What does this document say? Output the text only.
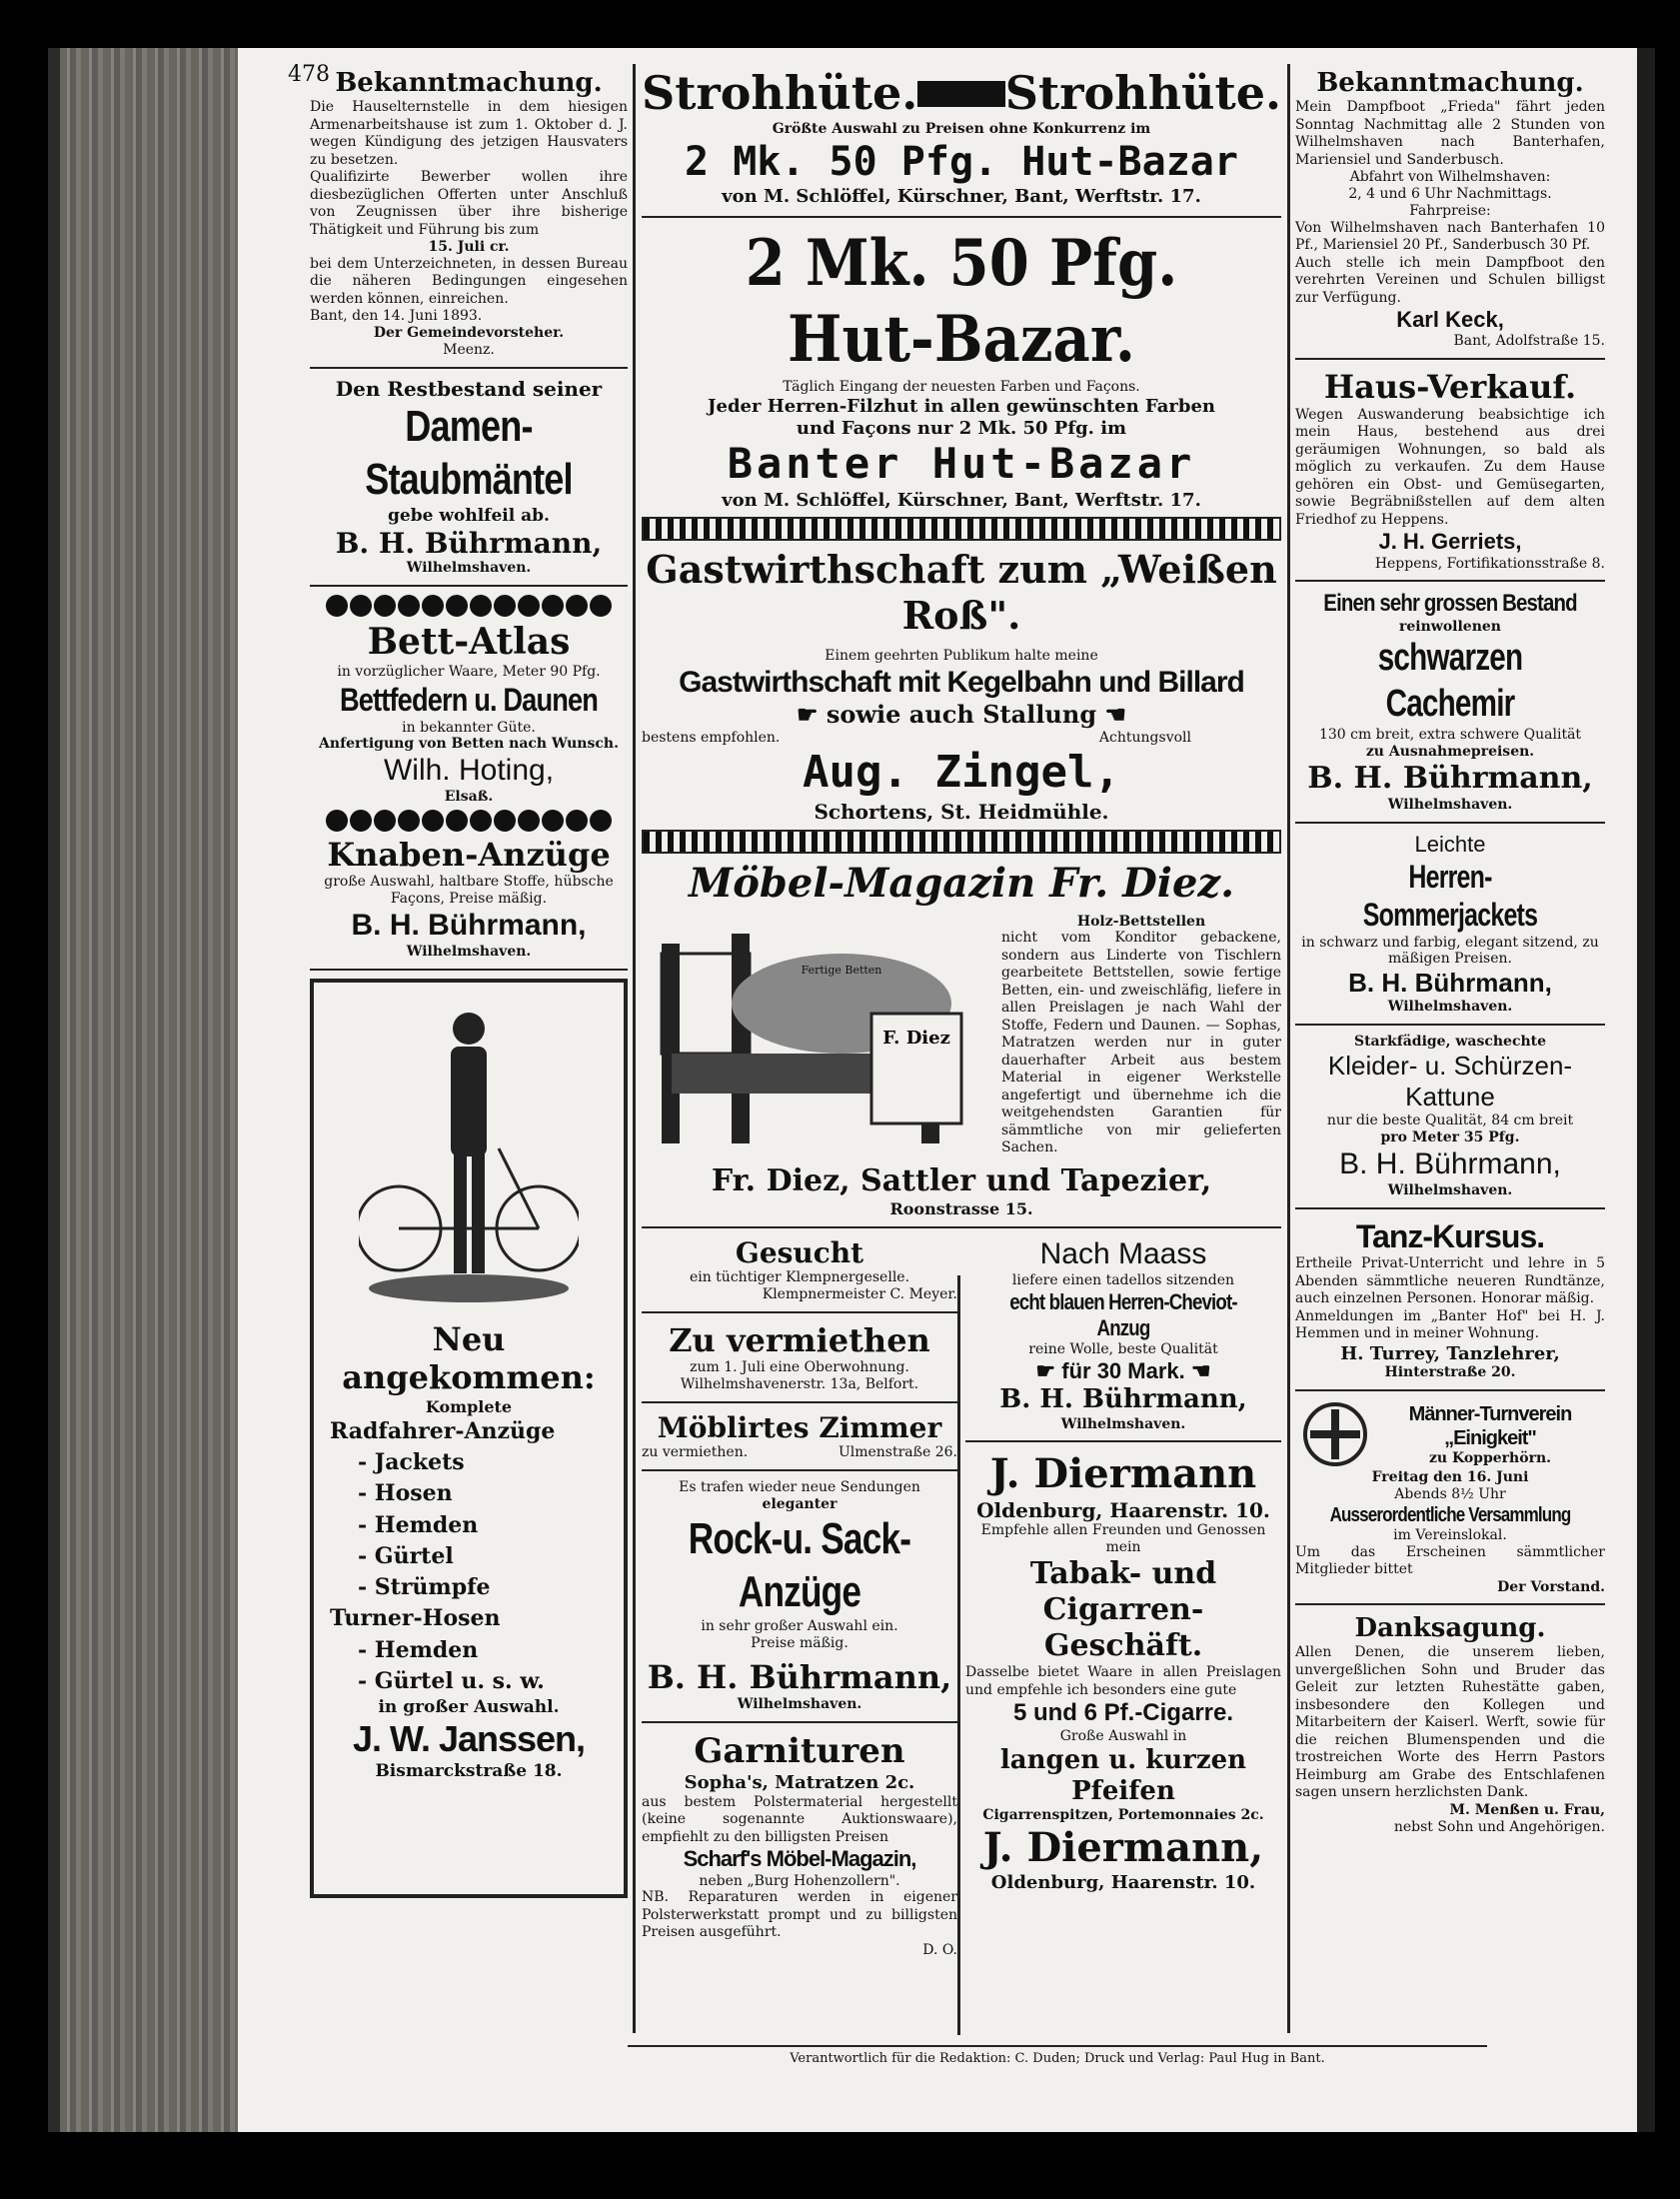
478 Bekanntmachung.
Die Hauselternstelle in dem hiesigen Armenarbeitshause ist zum 1. Oktober d. J. wegen Kündigung des jetzigen Hausvaters zu besetzen.
Qualifizirte Bewerber wollen ihre diesbezüglichen Offerten unter Anschluß von Zeugnissen über ihre bisherige Thätigkeit und Führung bis zum
15. Juli cr.
bei dem Unterzeichneten, in dessen Bureau die näheren Bedingungen eingesehen werden können, einreichen.
Bant, den 14. Juni 1893.
Der Gemeindevorsteher.
Meenz.
Den Restbestand seiner
Damen-Staubmäntel
gebe wohlfeil ab.
B. H. Bührmann,
Wilhelmshaven.
Bett-Atlas
in vorzüglicher Waare, Meter 90 Pfg.
Bettfedern u. Daunen
in bekannter Güte.
Anfertigung von Betten nach Wunsch.
Wilh. Hoting,
Elsaß.
Knaben-Anzüge
große Auswahl, haltbare Stoffe, hübsche Façons, Preise mäßig.
B. H. Bührmann,
Wilhelmshaven.
Neu angekommen:
Komplete
Radfahrer-Anzüge
- Jackets
- Hosen
- Hemden
- Gürtel
- Strümpfe
Turner-Hosen
- Hemden
- Gürtel u. s. w.
in großer Auswahl.
J. W. Janssen,
Bismarckstraße 18.
Strohhüte. Strohhüte.
Größte Auswahl zu Preisen ohne Konkurrenz im
2 Mk. 50 Pfg. Hut-Bazar
von M. Schlöffel, Kürschner, Bant, Werftstr. 17.
2 Mk. 50 Pfg. Hut-Bazar.
Täglich Eingang der neuesten Farben und Façons.
Jeder Herren-Filzhut in allen gewünschten Farben
und Façons nur 2 Mk. 50 Pfg. im
Banter Hut-Bazar
von M. Schlöffel, Kürschner, Bant, Werftstr. 17.
Gastwirthschaft zum „Weißen Roß".
Einem geehrten Publikum halte meine
Gastwirthschaft mit Kegelbahn und Billard
☛ sowie auch Stallung ☚
bestens empfohlen.	Achtungsvoll
Aug. Zingel,
Schortens, St. Heidmühle.
Möbel-Magazin Fr. Diez.
F. Diez
Fertige Betten
Holz-Bettstellen
nicht vom Konditor gebackene, sondern aus Linderte von Tischlern gearbeitete Bettstellen, sowie fertige Betten, ein- und zweischläfig, liefere in allen Preislagen je nach Wahl der Stoffe, Federn und Daunen. — Sophas, Matratzen werden nur in guter dauerhafter Arbeit aus bestem Material in eigener Werkstelle angefertigt und übernehme ich die weitgehendsten Garantien für sämmtliche von mir gelieferten Sachen.
Fr. Diez, Sattler und Tapezier,
Roonstrasse 15.
Gesucht
ein tüchtiger Klempnergeselle.
Klempnermeister C. Meyer.
Zu vermiethen
zum 1. Juli eine Oberwohnung.
Wilhelmshavenerstr. 13a, Belfort.
Möblirtes Zimmer
zu vermiethen.	Ulmenstraße 26.
Es trafen wieder neue Sendungen
eleganter
Rock-u. Sack-Anzüge
in sehr großer Auswahl ein.
Preise mäßig.
B. H. Bührmann,
Wilhelmshaven.
Garnituren
Sopha's, Matratzen 2c.
aus bestem Polstermaterial hergestellt (keine sogenannte Auktionswaare), empfiehlt zu den billigsten Preisen
Scharf's Möbel-Magazin,
neben „Burg Hohenzollern".
NB. Reparaturen werden in eigener Polsterwerkstatt prompt und zu billigsten Preisen ausgeführt.
D. O.
Nach Maass
liefere einen tadellos sitzenden
echt blauen Herren-Cheviot-Anzug
reine Wolle, beste Qualität
☛ für 30 Mark. ☚
B. H. Bührmann,
Wilhelmshaven.
J. Diermann
Oldenburg, Haarenstr. 10.
Empfehle allen Freunden und Genossen mein
Tabak- und Cigarren-Geschäft.
Dasselbe bietet Waare in allen Preislagen und empfehle ich besonders eine gute
5 und 6 Pf.-Cigarre.
Große Auswahl in
langen u. kurzen Pfeifen
Cigarrenspitzen, Portemonnaies 2c.
J. Diermann,
Oldenburg, Haarenstr. 10.
Bekanntmachung.
Mein Dampfboot „Frieda" fährt jeden Sonntag Nachmittag alle 2 Stunden von Wilhelmshaven nach Banterhafen, Mariensiel und Sanderbusch.
Abfahrt von Wilhelmshaven:
2, 4 und 6 Uhr Nachmittags.
Fahrpreise:
Von Wilhelmshaven nach Banterhafen 10 Pf., Mariensiel 20 Pf., Sanderbusch 30 Pf.
Auch stelle ich mein Dampfboot den verehrten Vereinen und Schulen billigst zur Verfügung.
Karl Keck,
Bant, Adolfstraße 15.
Haus-Verkauf.
Wegen Auswanderung beabsichtige ich mein Haus, bestehend aus drei geräumigen Wohnungen, so bald als möglich zu verkaufen. Zu dem Hause gehören ein Obst- und Gemüsegarten, sowie Begräbnißstellen auf dem alten Friedhof zu Heppens.
J. H. Gerriets,
Heppens, Fortifikationsstraße 8.
Einen sehr grossen Bestand
reinwollenen
schwarzen Cachemir
130 cm breit, extra schwere Qualität
zu Ausnahmepreisen.
B. H. Bührmann,
Wilhelmshaven.
Leichte
Herren-Sommerjackets
in schwarz und farbig, elegant sitzend, zu mäßigen Preisen.
B. H. Bührmann,
Wilhelmshaven.
Starkfädige, waschechte
Kleider- u. Schürzen-Kattune
nur die beste Qualität, 84 cm breit
pro Meter 35 Pfg.
B. H. Bührmann,
Wilhelmshaven.
Tanz-Kursus.
Ertheile Privat-Unterricht und lehre in 5 Abenden sämmtliche neueren Rundtänze, auch einzelnen Personen. Honorar mäßig.
Anmeldungen im „Banter Hof" bei H. J. Hemmen und in meiner Wohnung.
H. Turrey, Tanzlehrer,
Hinterstraße 20.
Männer-Turnverein „Einigkeit"
zu Kopperhörn.
Freitag den 16. Juni
Abends 8½ Uhr
Ausserordentliche Versammlung
im Vereinslokal.
Um das Erscheinen sämmtlicher Mitglieder bittet
Der Vorstand.
Danksagung.
Allen Denen, die unserem lieben, unvergeßlichen Sohn und Bruder das Geleit zur letzten Ruhestätte gaben, insbesondere den Kollegen und Mitarbeitern der Kaiserl. Werft, sowie für die reichen Blumenspenden und die trostreichen Worte des Herrn Pastors Heimburg am Grabe des Entschlafenen sagen unsern herzlichsten Dank.
M. Menßen u. Frau,
nebst Sohn und Angehörigen.
Verantwortlich für die Redaktion: C. Duden; Druck und Verlag: Paul Hug in Bant.
